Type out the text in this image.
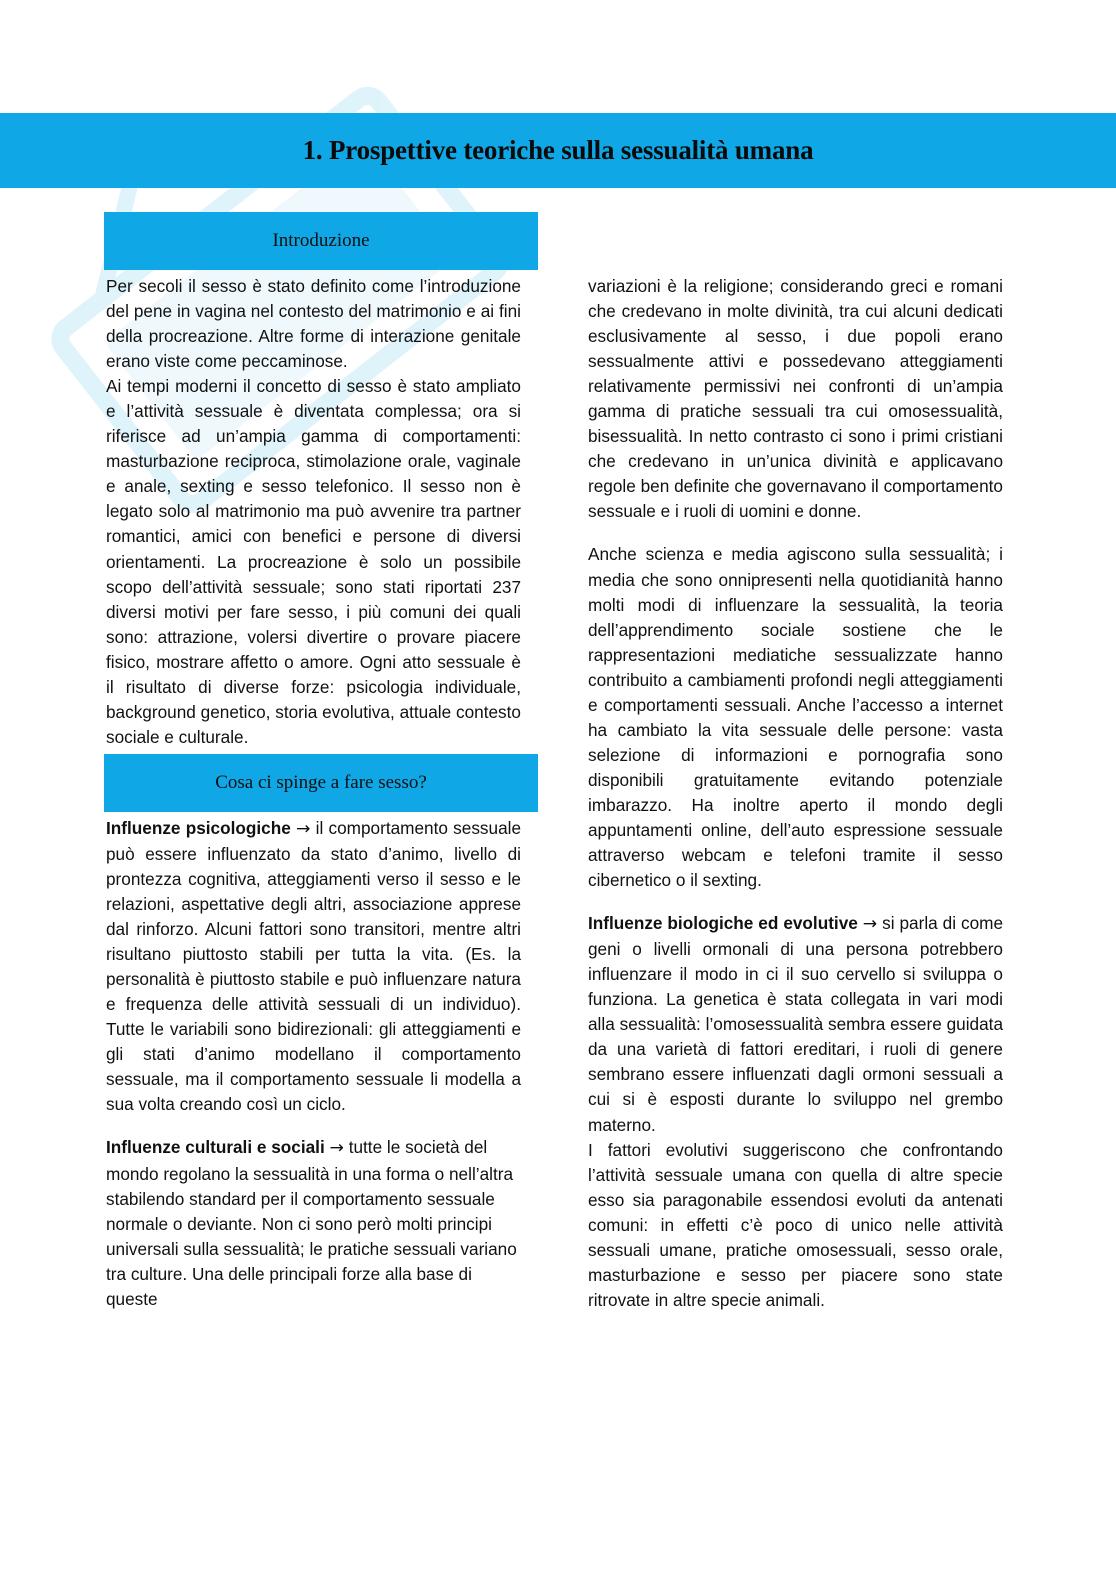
1. Prospettive teoriche sulla sessualità umana
Introduzione

Per secoli il sesso è stato definito come l’introduzione del pene in vagina nel contesto del matrimonio e ai fini della procreazione. Altre forme di interazione genitale erano viste come peccaminose.

Ai tempi moderni il concetto di sesso è stato ampliato e l’attività sessuale è diventata complessa; ora si riferisce ad un’ampia gamma di comportamenti: masturbazione reciproca, stimolazione orale, vaginale e anale, sexting e sesso telefonico. Il sesso non è legato solo al matrimonio ma può avvenire tra partner romantici, amici con benefici e persone di diversi orientamenti. La procreazione è solo un possibile scopo dell’attività sessuale; sono stati riportati 237 diversi motivi per fare sesso, i più comuni dei quali sono: attrazione, volersi divertire o provare piacere fisico, mostrare affetto o amore. Ogni atto sessuale è il risultato di diverse forze: psicologia individuale, background genetico, storia evolutiva, attuale contesto sociale e culturale.

Cosa ci spinge a fare sesso?

Influenze psicologiche → il comportamento sessuale può essere influenzato da stato d’animo, livello di prontezza cognitiva, atteggiamenti verso il sesso e le relazioni, aspettative degli altri, associazione apprese dal rinforzo. Alcuni fattori sono transitori, mentre altri risultano piuttosto stabili per tutta la vita. (Es. la personalità è piuttosto stabile e può influenzare natura e frequenza delle attività sessuali di un individuo). Tutte le variabili sono bidirezionali: gli atteggiamenti e gli stati d’animo modellano il comportamento sessuale, ma il comportamento sessuale li modella a sua volta creando così un ciclo.

Influenze culturali e sociali → tutte le società del mondo regolano la sessualità in una forma o nell’altra stabilendo standard per il comportamento sessuale normale o deviante. Non ci sono però molti principi universali sulla sessualità; le pratiche sessuali variano tra culture. Una delle principali forze alla base di queste

variazioni è la religione; considerando greci e romani che credevano in molte divinità, tra cui alcuni dedicati esclusivamente al sesso, i due popoli erano sessualmente attivi e possedevano atteggiamenti relativamente permissivi nei confronti di un’ampia gamma di pratiche sessuali tra cui omosessualità, bisessualità. In netto contrasto ci sono i primi cristiani che credevano in un’unica divinità e applicavano regole ben definite che governavano il comportamento sessuale e i ruoli di uomini e donne.

Anche scienza e media agiscono sulla sessualità; i media che sono onnipresenti nella quotidianità hanno molti modi di influenzare la sessualità, la teoria dell’apprendimento sociale sostiene che le rappresentazioni mediatiche sessualizzate hanno contribuito a cambiamenti profondi negli atteggiamenti e comportamenti sessuali. Anche l’accesso a internet ha cambiato la vita sessuale delle persone: vasta selezione di informazioni e pornografia sono disponibili gratuitamente evitando potenziale imbarazzo. Ha inoltre aperto il mondo degli appuntamenti online, dell’auto espressione sessuale attraverso webcam e telefoni tramite il sesso cibernetico o il sexting.

Influenze biologiche ed evolutive → si parla di come geni o livelli ormonali di una persona potrebbero influenzare il modo in ci il suo cervello si sviluppa o funziona. La genetica è stata collegata in vari modi alla sessualità: l’omosessualità sembra essere guidata da una varietà di fattori ereditari, i ruoli di genere sembrano essere influenzati dagli ormoni sessuali a cui si è esposti durante lo sviluppo nel grembo materno.

I fattori evolutivi suggeriscono che confrontando l’attività sessuale umana con quella di altre specie esso sia paragonabile essendosi evoluti da antenati comuni: in effetti c’è poco di unico nelle attività sessuali umane, pratiche omosessuali, sesso orale, masturbazione e sesso per piacere sono state ritrovate in altre specie animali.
